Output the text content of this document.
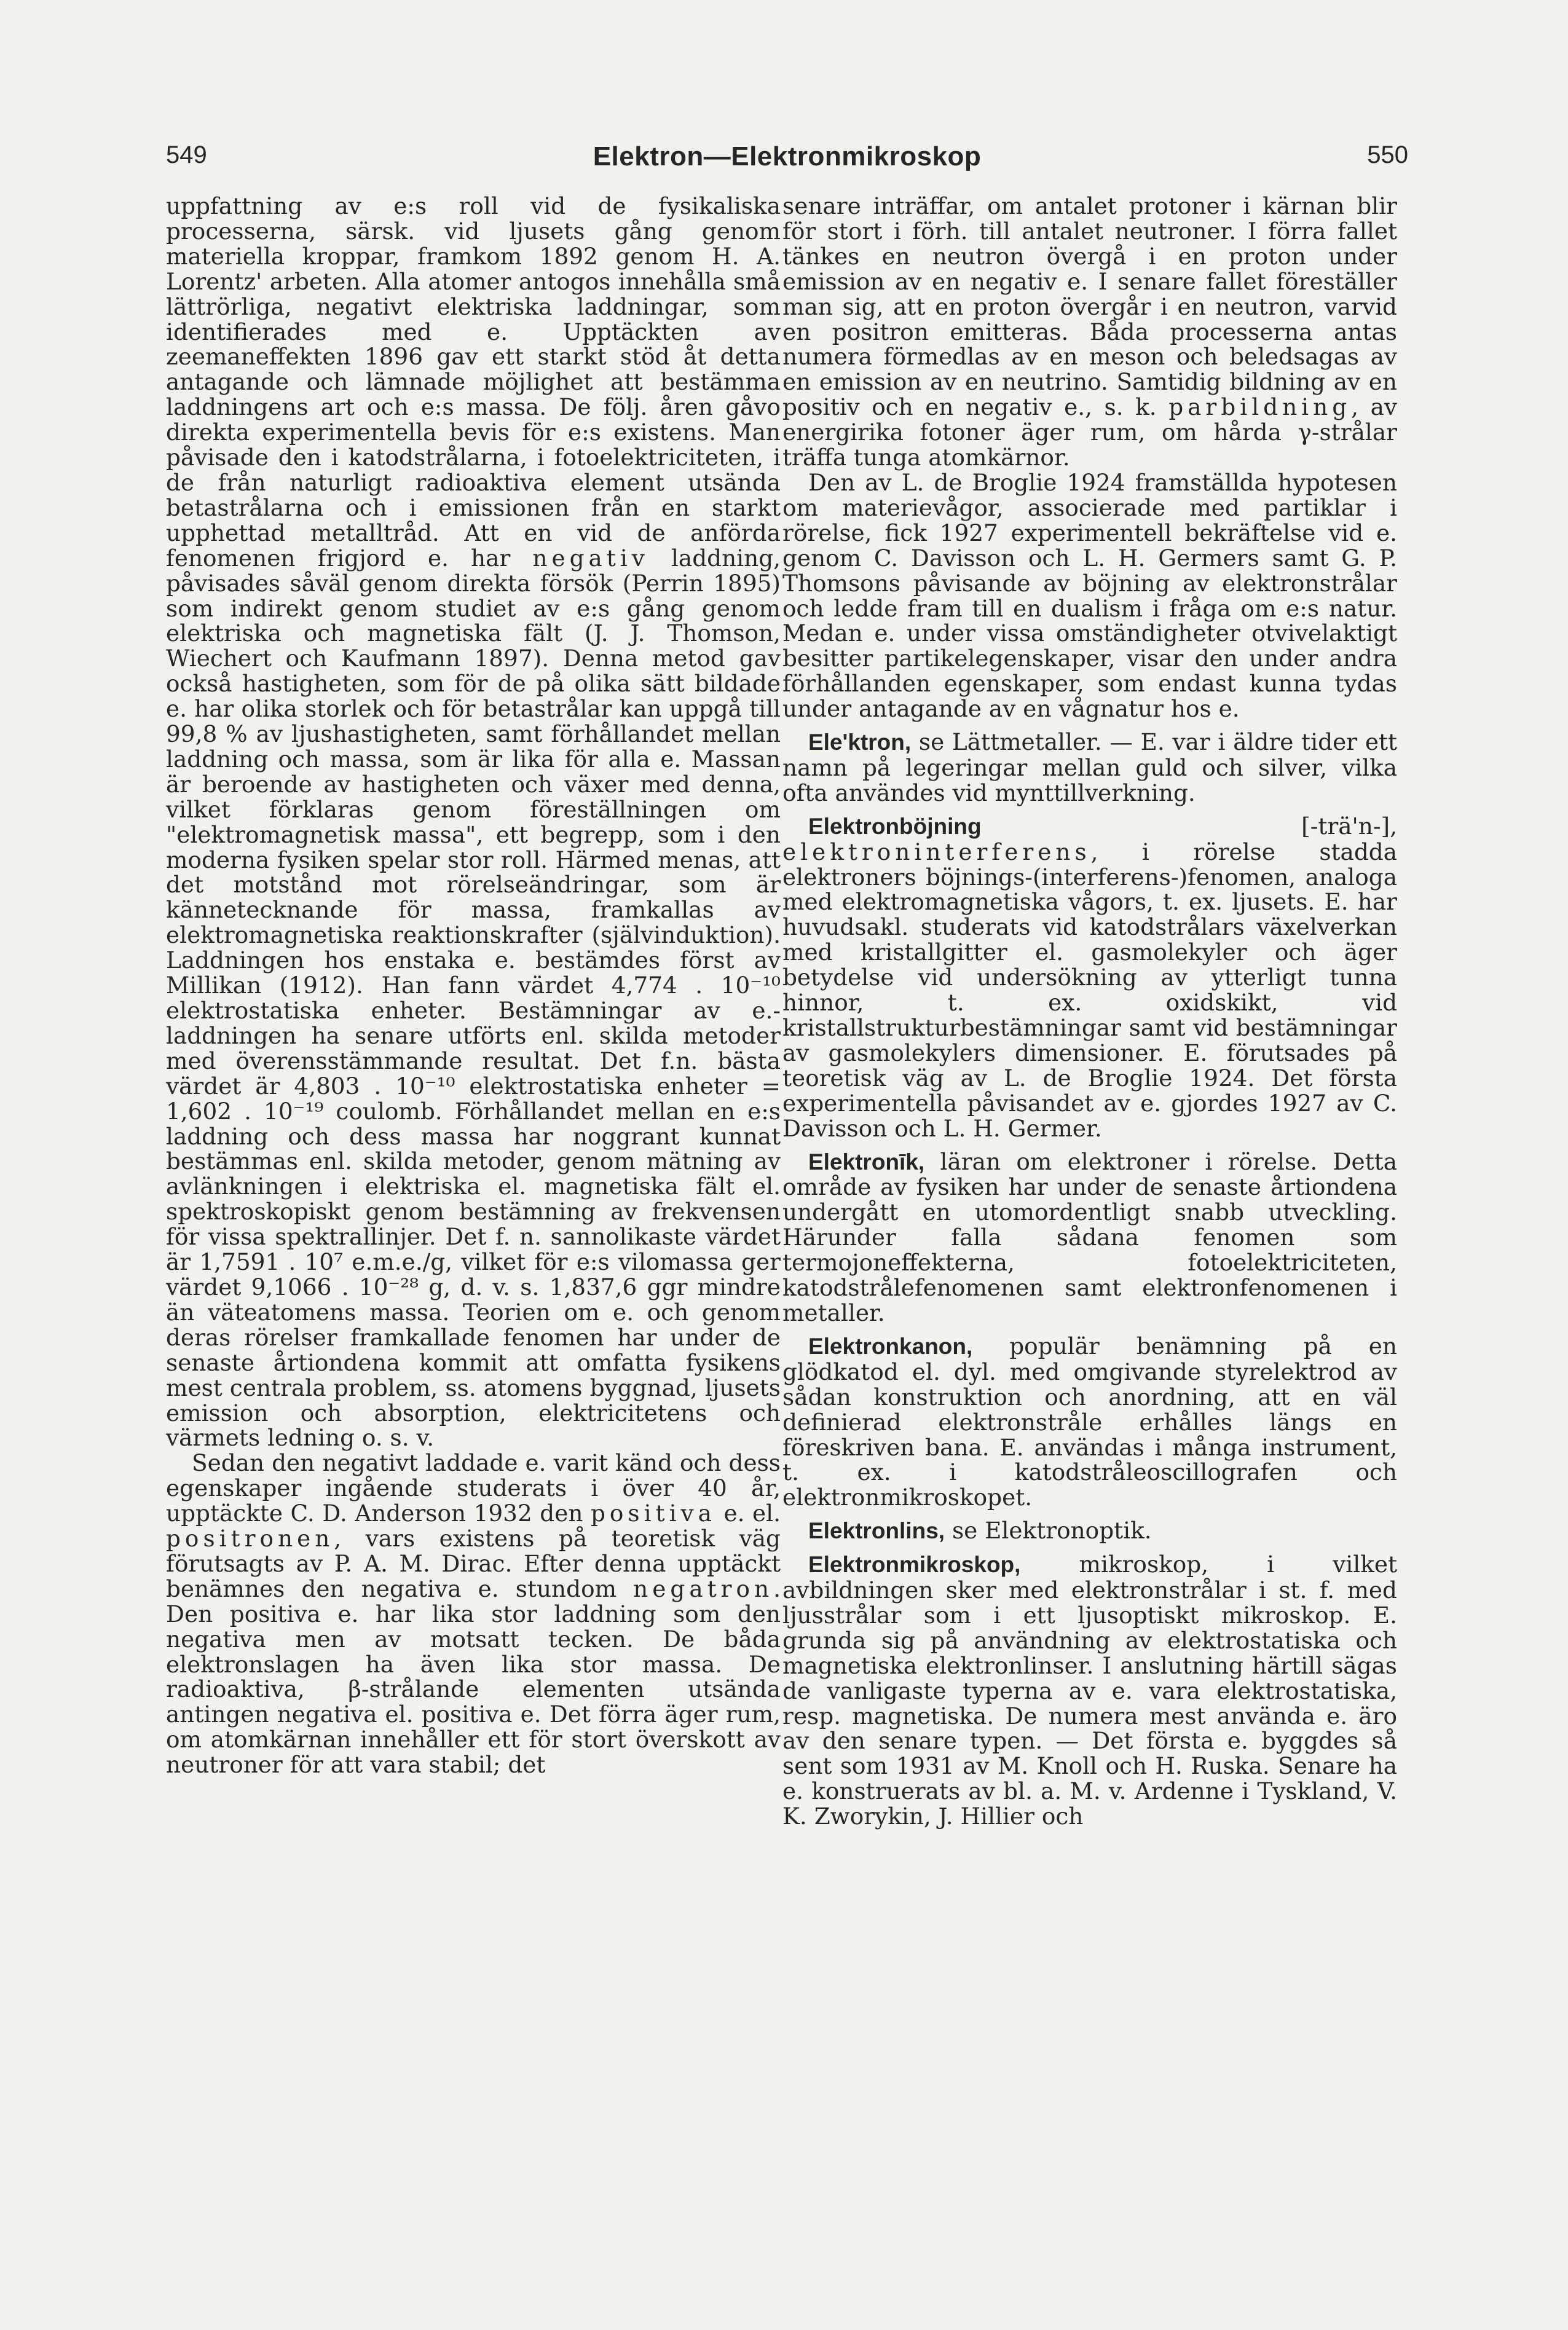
549	Elektron—Elektronmikroskop	550

uppfattning av e:s roll vid de fysikaliska processerna, särsk. vid ljusets gång genom materiella kroppar, framkom 1892 genom H. A. Lorentz' arbeten. Alla atomer antogos innehålla små lättrörliga, negativt elektriska laddningar, som identifierades med e. Upptäckten av zeemaneffekten 1896 gav ett starkt stöd åt detta antagande och lämnade möjlighet att bestämma laddningens art och e:s massa. De följ. åren gåvo direkta experimentella bevis för e:s existens. Man påvisade den i katodstrålarna, i fotoelektriciteten, i de från naturligt radioaktiva element utsända betastrålarna och i emissionen från en starkt upphettad metalltråd. Att en vid de anförda fenomenen frigjord e. har negativ laddning, påvisades såväl genom direkta försök (Perrin 1895) som indirekt genom studiet av e:s gång genom elektriska och magnetiska fält (J. J. Thomson, Wiechert och Kaufmann 1897). Denna metod gav också hastigheten, som för de på olika sätt bildade e. har olika storlek och för betastrålar kan uppgå till 99,8 % av ljushastigheten, samt förhållandet mellan laddning och massa, som är lika för alla e. Massan är beroende av hastigheten och växer med denna, vilket förklaras genom föreställningen om "elektromagnetisk massa", ett begrepp, som i den moderna fysiken spelar stor roll. Härmed menas, att det motstånd mot rörelseändringar, som är kännetecknande för massa, framkallas av elektromagnetiska reaktionskrafter (självinduktion). Laddningen hos enstaka e. bestämdes först av Millikan (1912). Han fann värdet 4,774 . 10⁻¹⁰ elektrostatiska enheter. Bestämningar av e.-laddningen ha senare utförts enl. skilda metoder med överensstämmande resultat. Det f.n. bästa värdet är 4,803 . 10⁻¹⁰ elektrostatiska enheter = 1,602 . 10⁻¹⁹ coulomb. Förhållandet mellan en e:s laddning och dess massa har noggrant kunnat bestämmas enl. skilda metoder, genom mätning av avlänkningen i elektriska el. magnetiska fält el. spektroskopiskt genom bestämning av frekvensen för vissa spektrallinjer. Det f. n. sannolikaste värdet är 1,7591 . 10⁷ e.m.e./g, vilket för e:s vilomassa ger värdet 9,1066 . 10⁻²⁸ g, d. v. s. 1,837,6 ggr mindre än väteatomens massa. Teorien om e. och genom deras rörelser framkallade fenomen har under de senaste årtiondena kommit att omfatta fysikens mest centrala problem, ss. atomens byggnad, ljusets emission och absorption, elektricitetens och värmets ledning o. s. v.

Sedan den negativt laddade e. varit känd och dess egenskaper ingående studerats i över 40 år, upptäckte C. D. Anderson 1932 den positiva e. el. positronen, vars existens på teoretisk väg förutsagts av P. A. M. Dirac. Efter denna upptäckt benämnes den negativa e. stundom negatron. Den positiva e. har lika stor laddning som den negativa men av motsatt tecken. De båda elektronslagen ha även lika stor massa. De radioaktiva, β-strålande elementen utsända antingen negativa el. positiva e. Det förra äger rum, om atomkärnan innehåller ett för stort överskott av neutroner för att vara stabil; det

senare inträffar, om antalet protoner i kärnan blir för stort i förh. till antalet neutroner. I förra fallet tänkes en neutron övergå i en proton under emission av en negativ e. I senare fallet föreställer man sig, att en proton övergår i en neutron, varvid en positron emitteras. Båda processerna antas numera förmedlas av en meson och beledsagas av en emission av en neutrino. Samtidig bildning av en positiv och en negativ e., s. k. parbildning, av energirika fotoner äger rum, om hårda γ-strålar träffa tunga atomkärnor.

Den av L. de Broglie 1924 framställda hypotesen om materievågor, associerade med partiklar i rörelse, fick 1927 experimentell bekräftelse vid e. genom C. Davisson och L. H. Germers samt G. P. Thomsons påvisande av böjning av elektronstrålar och ledde fram till en dualism i fråga om e:s natur. Medan e. under vissa omständigheter otvivelaktigt besitter partikelegenskaper, visar den under andra förhållanden egenskaper, som endast kunna tydas under antagande av en vågnatur hos e.

Ele'ktron, se Lättmetaller. — E. var i äldre tider ett namn på legeringar mellan guld och silver, vilka ofta användes vid mynttillverkning.

Elektronböjning	[-trä'n-], elektroninterferens, i rörelse stadda elektroners böjnings-(interferens-)fenomen, analoga med elektromagnetiska vågors, t. ex. ljusets. E. har huvudsakl. studerats vid katodstrålars växelverkan med kristallgitter el. gasmolekyler och äger betydelse vid undersökning av ytterligt tunna hinnor, t. ex. oxidskikt, vid kristallstrukturbestämningar samt vid bestämningar av gasmolekylers dimensioner. E. förutsades på teoretisk väg av L. de Broglie 1924. Det första experimentella påvisandet av e. gjordes 1927 av C. Davisson och L. H. Germer.

Elektronīk, läran om elektroner i rörelse. Detta område av fysiken har under de senaste årtiondena undergått en utomordentligt snabb utveckling. Härunder falla sådana fenomen som termojoneffekterna, fotoelektriciteten, katodstrålefenomenen samt elektronfenomenen i metaller.

Elektronkanon, populär benämning på en glödkatod el. dyl. med omgivande styrelektrod av sådan konstruktion och anordning, att en väl definierad elektronstråle erhålles längs en föreskriven bana. E. användas i många instrument, t. ex. i katodstråleoscillografen och elektronmikroskopet.

Elektronlins, se Elektronoptik.

Elektronmikroskop,	mikroskop, i vilket avbildningen sker med elektronstrålar i st. f. med ljusstrålar som i ett ljusoptiskt mikroskop. E. grunda sig på användning av elektrostatiska och magnetiska elektronlinser. I anslutning härtill sägas de vanligaste typerna av e. vara elektrostatiska, resp. magnetiska. De numera mest använda e. äro av den senare typen. — Det första e. byggdes så sent som 1931 av M. Knoll och H. Ruska. Senare ha e. konstruerats av bl. a. M. v. Ardenne i Tyskland, V. K. Zworykin, J. Hillier och
